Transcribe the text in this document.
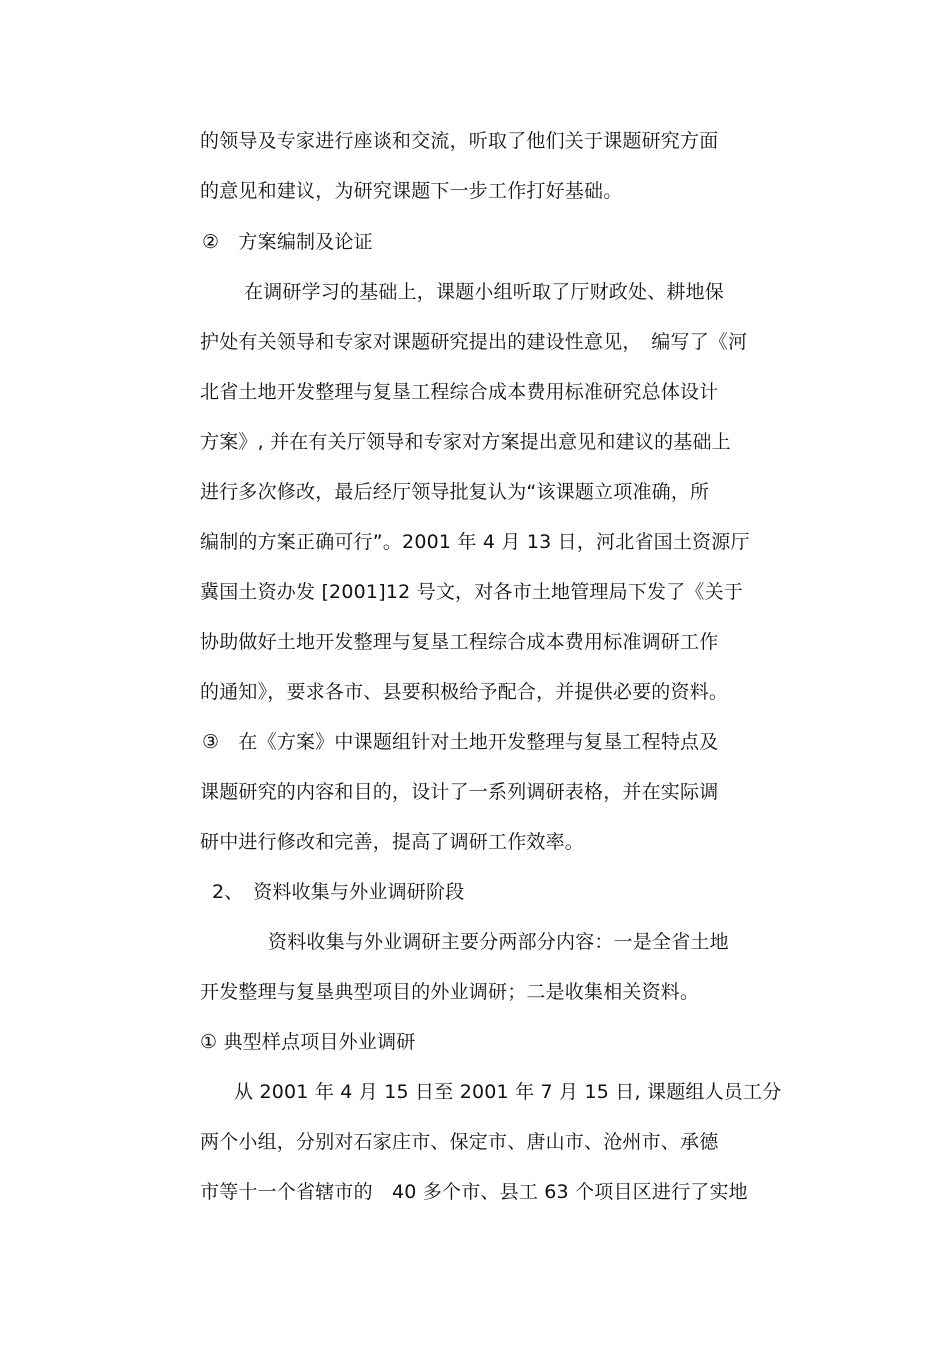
的领导及专家进行座谈和交流，听取了他们关于课题研究方面
的意见和建议，为研究课题下一步工作打好基础。
②　方案编制及论证
在调研学习的基础上，课题小组听取了厅财政处、耕地保
护处有关领导和专家对课题研究提出的建设性意见，　编写了《河
北省土地开发整理与复垦工程综合成本费用标准研究总体设计
方案》, 并在有关厅领导和专家对方案提出意见和建议的基础上
进行多次修改，最后经厅领导批复认为“该课题立项准确，所
编制的方案正确可行”。2001 年 4 月 13 日，河北省国土资源厅
冀国土资办发 [2001]12 号文，对各市土地管理局下发了《关于
协助做好土地开发整理与复垦工程综合成本费用标准调研工作
的通知》，要求各市、县要积极给予配合，并提供必要的资料。
③　在《方案》中课题组针对土地开发整理与复垦工程特点及
课题研究的内容和目的，设计了一系列调研表格，并在实际调
研中进行修改和完善，提高了调研工作效率。
2、　资料收集与外业调研阶段
资料收集与外业调研主要分两部分内容：一是全省土地
开发整理与复垦典型项目的外业调研；二是收集相关资料。
① 典型样点项目外业调研
从 2001 年 4 月 15 日至 2001 年 7 月 15 日, 课题组人员工分
两个小组，分别对石家庄市、保定市、唐山市、沧州市、承德
市等十一个省辖市的　40 多个市、县工 63 个项目区进行了实地
